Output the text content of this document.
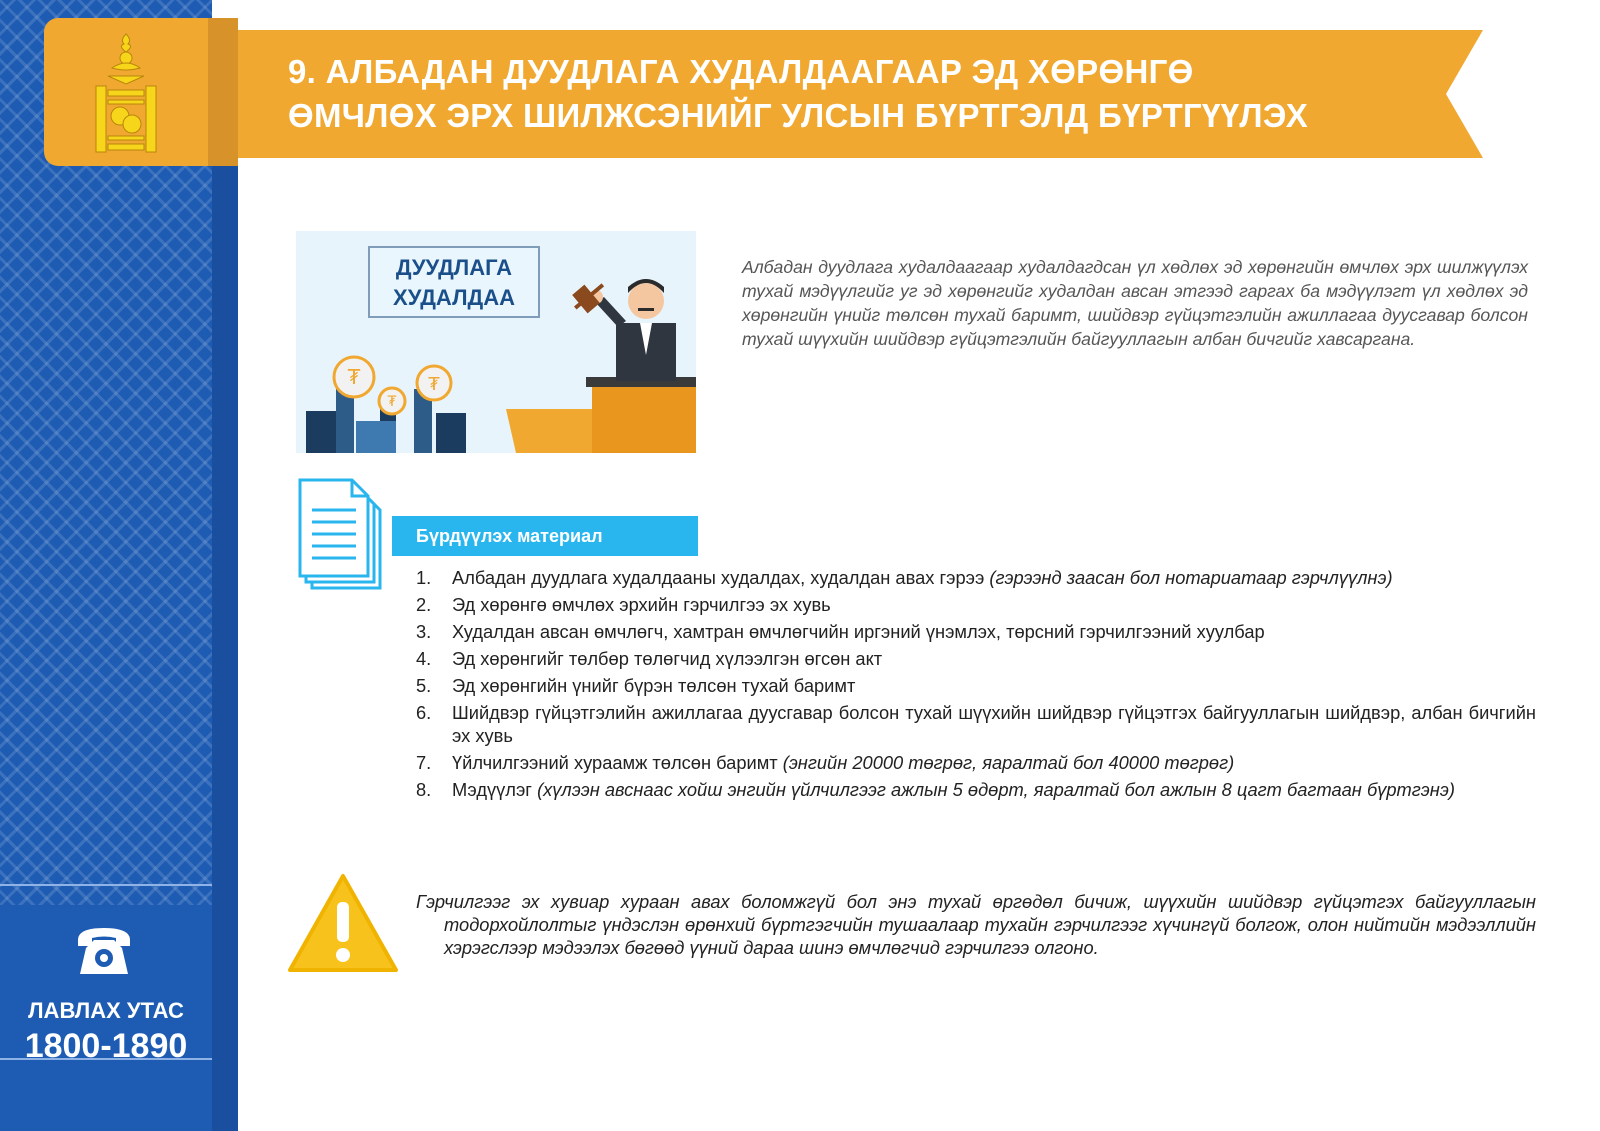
ЛАВЛАХ УТАС
1800-1890
9. АЛБАДАН ДУУДЛАГА ХУДАЛДААГААР ЭД ХӨРӨНГӨ
ӨМЧЛӨХ ЭРХ ШИЛЖСЭНИЙГ УЛСЫН БҮРТГЭЛД БҮРТГҮҮЛЭХ
₮
₮
₮
ДУУДЛАГА
ХУДАЛДАА
Албадан дуудлага худалдаагаар худалдагдсан үл хөдлөх эд хөрөнгийн өмчлөх эрх шилжүүлэх тухай мэдүүлгийг уг эд хөрөнгийг худалдан авсан этгээд гаргах ба мэдүүлэгт үл хөдлөх эд хөрөнгийн үнийг төлсөн тухай баримт, шийдвэр гүйцэтгэлийн ажиллагаа дуусгавар болсон тухай шүүхийн шийдвэр гүйцэтгэлийн байгууллагын албан бичгийг хавсаргана.
Бүрдүүлэх материал
1.	Албадан дуудлага худалдааны худалдах, худалдан авах гэрээ (гэрээнд заасан бол нотариатаар гэрчлүүлнэ)
2.	Эд хөрөнгө өмчлөх эрхийн гэрчилгээ эх хувь
3.	Худалдан авсан өмчлөгч, хамтран өмчлөгчийн иргэний үнэмлэх, төрсний гэрчилгээний хуулбар
4.	Эд хөрөнгийг төлбөр төлөгчид хүлээлгэн өгсөн акт
5.	Эд хөрөнгийн үнийг бүрэн төлсөн тухай баримт
6.	Шийдвэр гүйцэтгэлийн ажиллагаа дуусгавар болсон тухай шүүхийн шийдвэр гүйцэтгэх байгууллагын шийдвэр, албан бичгийн эх хувь
7.	Үйлчилгээний хураамж төлсөн баримт (энгийн 20000 төгрөг, яаралтай бол 40000 төгрөг)
8.	Мэдүүлэг (хүлээн авснаас хойш энгийн үйлчилгээг ажлын 5 өдөрт, яаралтай бол ажлын 8 цагт багтаан бүртгэнэ)
Гэрчилгээг эх хувиар хураан авах боломжгүй бол энэ тухай өргөдөл бичиж, шүүхийн шийдвэр гүйцэтгэх байгууллагын тодорхойлолтыг үндэслэн өрөнхий бүртгэгчийн тушаалаар тухайн гэрчилгээг хүчингүй болгож, олон нийтийн мэдээллийн хэрэгслээр мэдээлэх бөгөөд үүний дараа шинэ өмчлөгчид гэрчилгээ олгоно.
